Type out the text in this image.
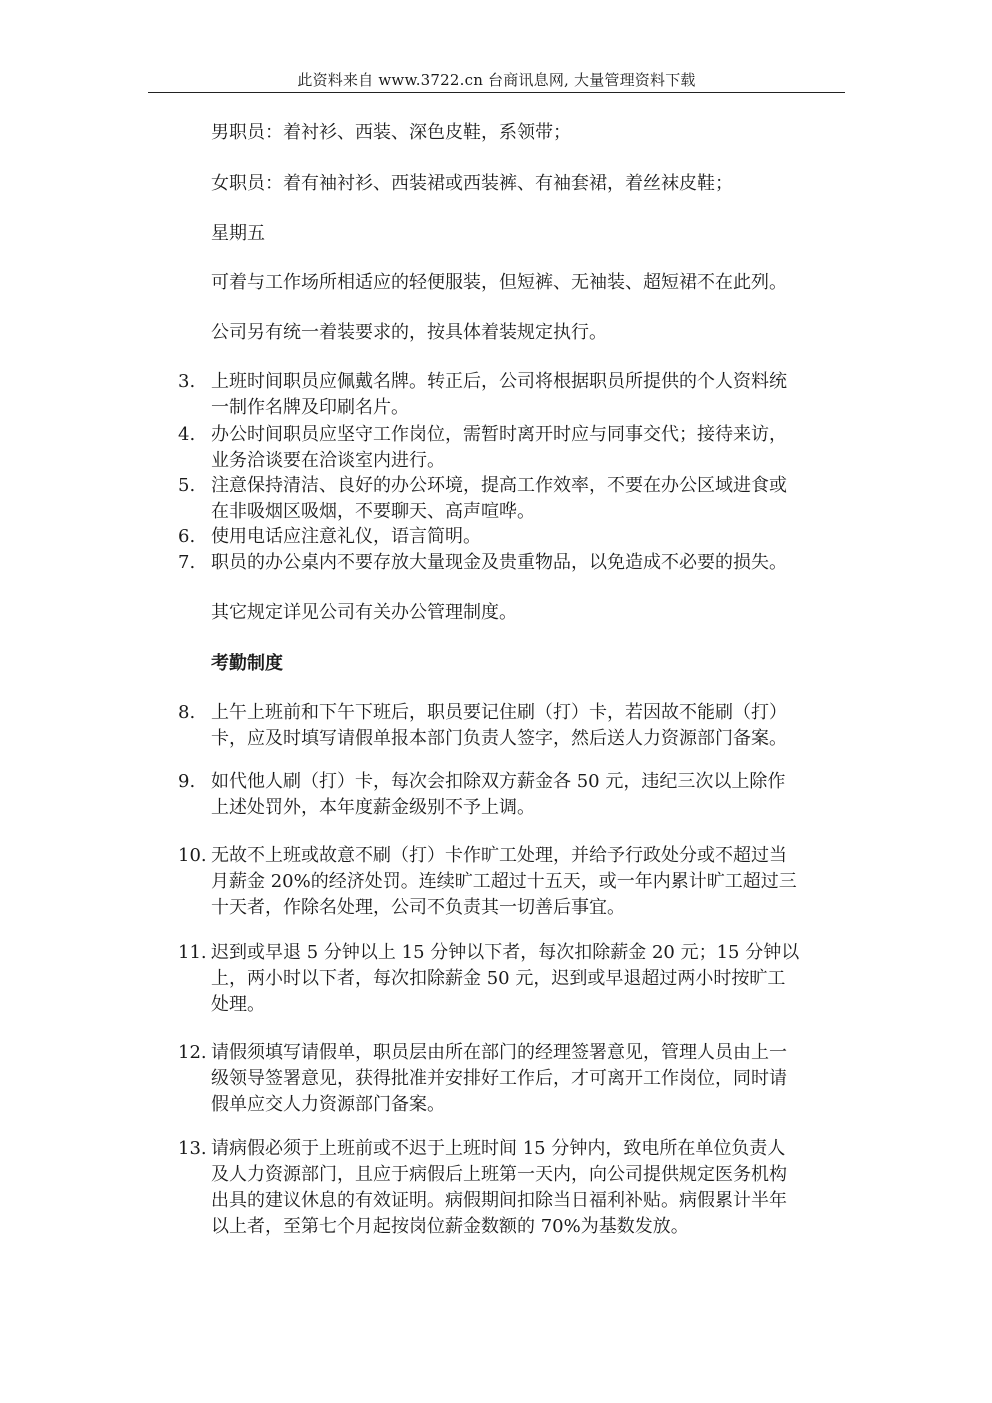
此资料来自 www.3722.cn 台商讯息网, 大量管理资料下载
男职员：着衬衫、西装、深色皮鞋，系领带；
女职员：着有袖衬衫、西装裙或西装裤、有袖套裙，着丝袜皮鞋；
星期五
可着与工作场所相适应的轻便服装，但短裤、无袖装、超短裙不在此列。
公司另有统一着装要求的，按具体着装规定执行。
3. 上班时间职员应佩戴名牌。转正后，公司将根据职员所提供的个人资料统
一制作名牌及印刷名片。
4. 办公时间职员应坚守工作岗位，需暂时离开时应与同事交代；接待来访，
业务洽谈要在洽谈室内进行。
5. 注意保持清洁、良好的办公环境，提高工作效率，不要在办公区域进食或
在非吸烟区吸烟，不要聊天、高声喧哗。
6. 使用电话应注意礼仪，语言简明。
7. 职员的办公桌内不要存放大量现金及贵重物品，以免造成不必要的损失。
其它规定详见公司有关办公管理制度。
考勤制度
8. 上午上班前和下午下班后，职员要记住刷（打）卡，若因故不能刷（打）
卡，应及时填写请假单报本部门负责人签字，然后送人力资源部门备案。
9. 如代他人刷（打）卡，每次会扣除双方薪金各 50 元，违纪三次以上除作
上述处罚外，本年度薪金级别不予上调。
10. 无故不上班或故意不刷（打）卡作旷工处理，并给予行政处分或不超过当
月薪金 20%的经济处罚。连续旷工超过十五天，或一年内累计旷工超过三
十天者，作除名处理，公司不负责其一切善后事宜。
11. 迟到或早退 5 分钟以上 15 分钟以下者，每次扣除薪金 20 元；15 分钟以
上，两小时以下者，每次扣除薪金 50 元，迟到或早退超过两小时按旷工
处理。
12. 请假须填写请假单，职员层由所在部门的经理签署意见，管理人员由上一
级领导签署意见，获得批准并安排好工作后，才可离开工作岗位，同时请
假单应交人力资源部门备案。
13. 请病假必须于上班前或不迟于上班时间 15 分钟内，致电所在单位负责人
及人力资源部门，且应于病假后上班第一天内，向公司提供规定医务机构
出具的建议休息的有效证明。病假期间扣除当日福利补贴。病假累计半年
以上者，至第七个月起按岗位薪金数额的 70%为基数发放。
